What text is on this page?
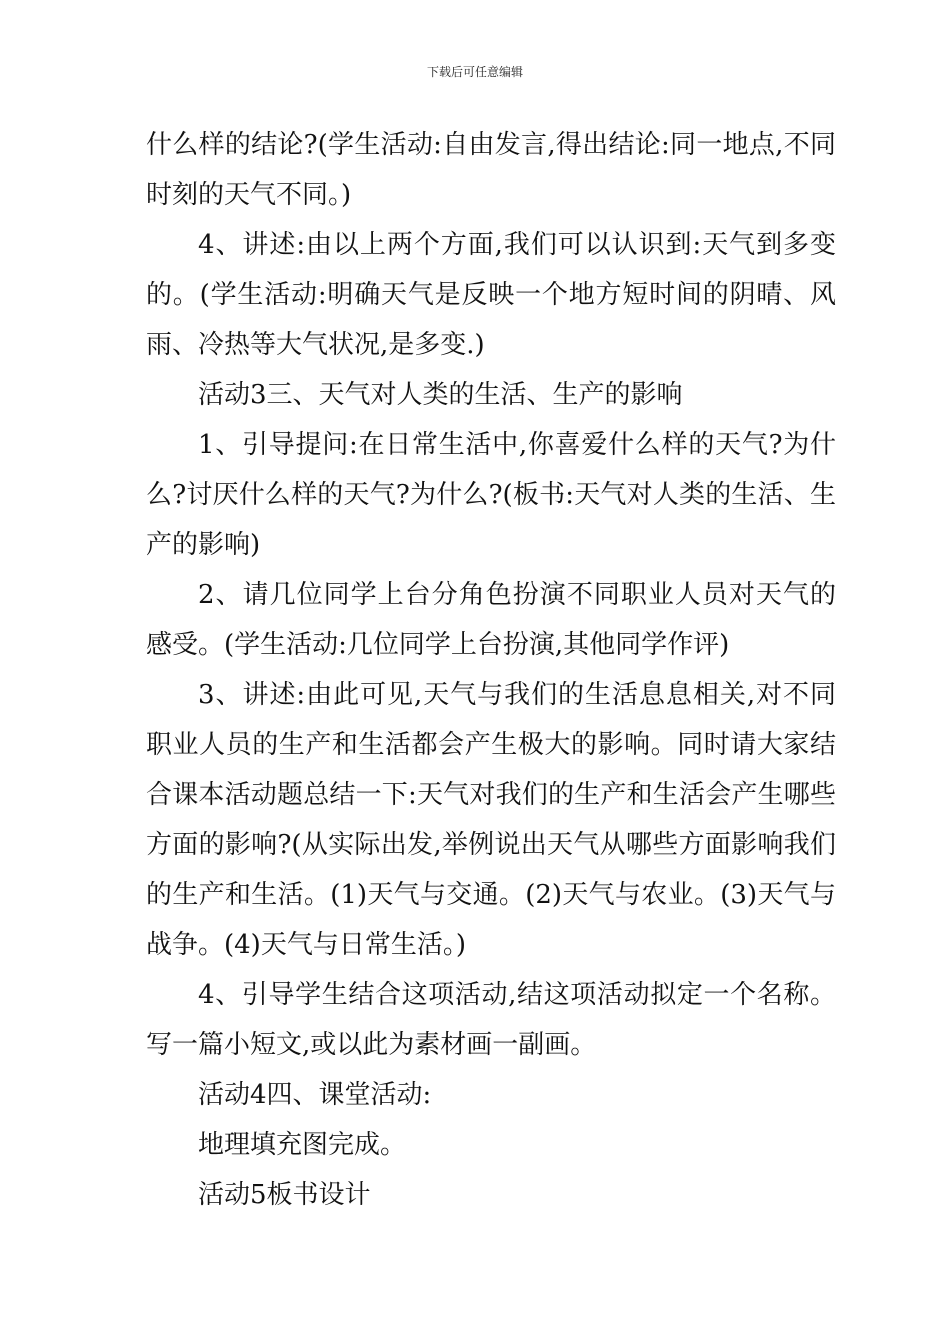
下载后可任意编辑

什么样的结论?(学生活动:自由发言,得出结论:同一地点,不同时刻的天气不同。)

4、讲述:由以上两个方面,我们可以认识到:天气到多变的。(学生活动:明确天气是反映一个地方短时间的阴晴、风雨、冷热等大气状况,是多变.)

活动3三、天气对人类的生活、生产的影响

1、引导提问:在日常生活中,你喜爱什么样的天气?为什么?讨厌什么样的天气?为什么?(板书:天气对人类的生活、生产的影响)

2、请几位同学上台分角色扮演不同职业人员对天气的感受。(学生活动:几位同学上台扮演,其他同学作评)

3、讲述:由此可见,天气与我们的生活息息相关,对不同职业人员的生产和生活都会产生极大的影响。同时请大家结合课本活动题总结一下:天气对我们的生产和生活会产生哪些方面的影响?(从实际出发,举例说出天气从哪些方面影响我们的生产和生活。(1)天气与交通。(2)天气与农业。(3)天气与战争。(4)天气与日常生活。)

4、引导学生结合这项活动,结这项活动拟定一个名称。写一篇小短文,或以此为素材画一副画。

活动4四、课堂活动:

地理填充图完成。

活动5板书设计
